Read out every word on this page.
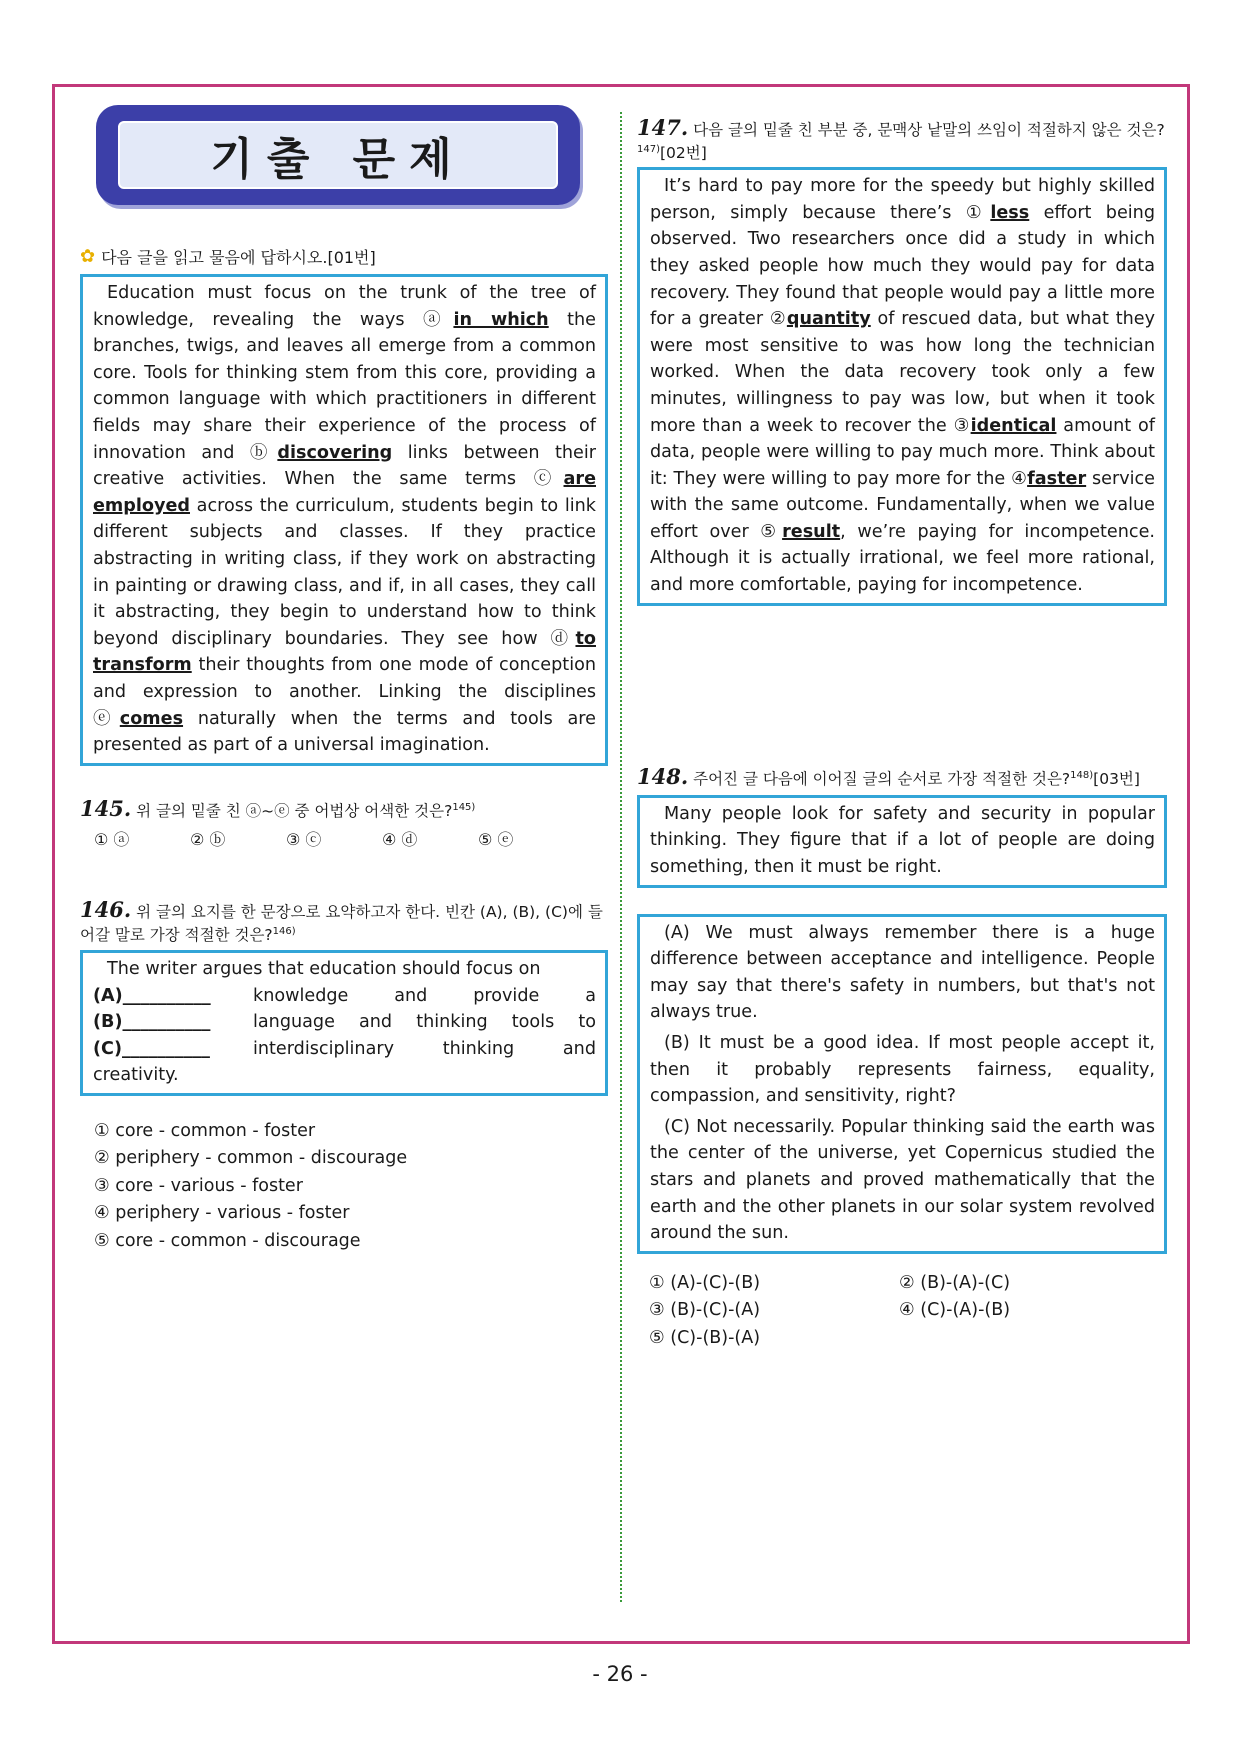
기출 문제
✿ 다음 글을 읽고 물음에 답하시오.[01번]

Education must focus on the trunk of the tree of knowledge, revealing the ways ⓐin which the branches, twigs, and leaves all emerge from a common core. Tools for thinking stem from this core, providing a common language with which practitioners in different fields may share their experience of the process of innovation and ⓑdiscovering links between their creative activities. When the same terms ⓒare employed across the curriculum, students begin to link different subjects and classes. If they practice abstracting in writing class, if they work on abstracting in painting or drawing class, and if, in all cases, they call it abstracting, they begin to understand how to think beyond disciplinary boundaries. They see how ⓓto transform their thoughts from one mode of conception and expression to another. Linking the disciplines ⓔcomes naturally when the terms and tools are presented as part of a universal imagination.

145. 위 글의 밑줄 친 ⓐ~ⓔ 중 어법상 어색한 것은?$^{145)}$
① ⓐ	② ⓑ	③ ⓒ	④ ⓓ	⑤ ⓔ
146. 위 글의 요지를 한 문장으로 요약하고자 한다. 빈칸 (A), (B), (C)에 들어갈 말로 가장 적절한 것은?$^{146)}$

The writer argues that education should focus on

(A)__________	knowledge and provide a
(B)__________	language and thinking tools to
(C)__________	interdisciplinary thinking and
creativity.
① core - common - foster
② periphery - common - discourage
③ core - various - foster
④ periphery - various - foster
⑤ core - common - discourage
147. 다음 글의 밑줄 친 부분 중, 문맥상 낱말의 쓰임이 적절하지 않은 것은?$^{147)}$[02번]

It’s hard to pay more for the speedy but highly skilled person, simply because there’s ①less effort being observed. Two researchers once did a study in which they asked people how much they would pay for data recovery. They found that people would pay a little more for a greater ②quantity of rescued data, but what they were most sensitive to was how long the technician worked. When the data recovery took only a few minutes, willingness to pay was low, but when it took more than a week to recover the ③identical amount of data, people were willing to pay much more. Think about it: They were willing to pay more for the ④faster service with the same outcome. Fundamentally, when we value effort over ⑤result, we’re paying for incompetence. Although it is actually irrational, we feel more rational, and more comfortable, paying for incompetence.

148. 주어진 글 다음에 이어질 글의 순서로 가장 적절한 것은?$^{148)}$[03번]

Many people look for safety and security in popular thinking. They figure that if a lot of people are doing something, then it must be right.

(A) We must always remember there is a huge difference between acceptance and intelligence. People may say that there's safety in numbers, but that's not always true.

(B) It must be a good idea. If most people accept it, then it probably represents fairness, equality, compassion, and sensitivity, right?

(C) Not necessarily. Popular thinking said the earth was the center of the universe, yet Copernicus studied the stars and planets and proved mathematically that the earth and the other planets in our solar system revolved around the sun.

① (A)-(C)-(B)	② (B)-(A)-(C)
③ (B)-(C)-(A)	④ (C)-(A)-(B)
⑤ (C)-(B)-(A)
- 26 -
